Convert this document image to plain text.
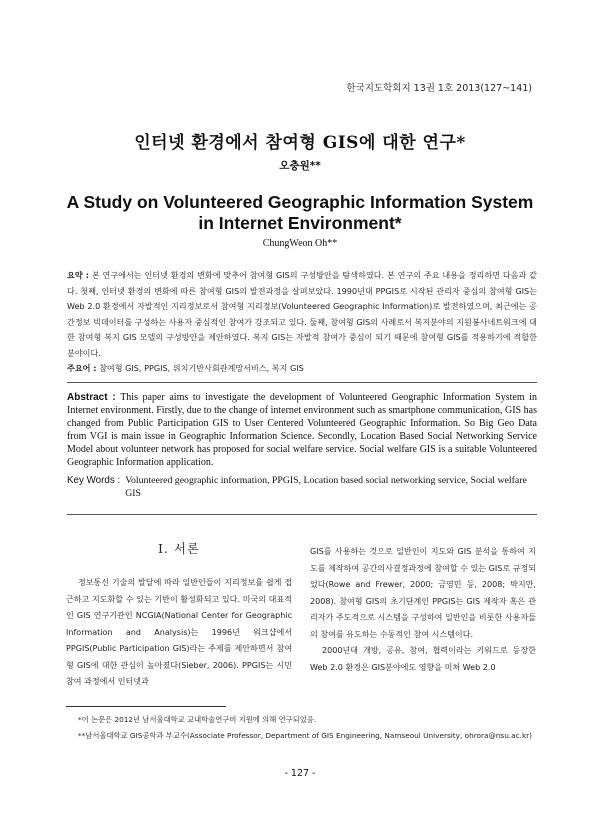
한국지도학회지 13권 1호 2013(127~141)
인터넷 환경에서 참여형 GIS에 대한 연구*
오충원**
A Study on Volunteered Geographic Information System in Internet Environment*
ChungWeon Oh**
요약 : 본 연구에서는 인터넷 환경의 변화에 맞추어 참여형 GIS의 구성방안을 탐색하였다. 본 연구의 주요 내용을 정리하면 다음과 같다. 첫째, 인터넷 환경의 변화에 따른 참여형 GIS의 발전과정을 살펴보았다. 1990년대 PPGIS로 시작된 관리자 중심의 참여형 GIS는 Web 2.0 환경에서 자발적인 지리정보로서 참여형 지리정보(Volunteered Geographic Information)로 발전하였으며, 최근에는 공간정보 빅데이터를 구성하는 사용자 중심적인 참여가 강조되고 있다. 둘째, 참여형 GIS의 사례로서 복지분야의 지원봉사네트워크에 대한 참여형 복지 GIS 모델의 구성방안을 제안하였다. 복지 GIS는 자발적 참여가 중심이 되기 때문에 참여형 GIS를 적용하기에 적합한 분야이다.
주요어 : 참여형 GIS, PPGIS, 위치기반사회관계망서비스, 복지 GIS
Abstract : This paper aims to investigate the development of Volunteered Geographic Information System in Internet environment. Firstly, due to the change of internet environment such as smartphone communication, GIS has changed from Public Participation GIS to User Centered Volunteered Geographic Information. So Big Geo Data from VGI is main issue in Geographic Information Science. Secondly, Location Based Social Networking Service Model about volunteer network has proposed for social welfare service. Social welfare GIS is a suitable Volunteered Geographic Information application.
Key Words : Volunteered geographic information, PPGIS, Location based social networking service, Social welfare GIS

I. 서론

정보통신 기술의 발달에 따라 일반인들이 지리정보를 쉽게 접근하고 지도화할 수 있는 기반이 활성화되고 있다. 미국의 대표적인 GIS 연구기관인 NCGIA(National Center for Geographic Information and Analysis)는 1996년 워크샵에서 PPGIS(Public Participation GIS)라는 주제를 제안하면서 참여형 GIS에 대한 관심이 높아졌다(Sieber, 2006). PPGIS는 시민참여 과정에서 인터넷과

GIS를 사용하는 것으로 일반인이 지도와 GIS 분석을 통하여 지도를 제작하여 공간의사결정과정에 참여할 수 있는 GIS로 규정되었다(Rowe and Frewer, 2000; 금영민 등, 2008; 박지만, 2008). 참여형 GIS의 초기단계인 PPGIS는 GIS 제작자 혹은 관리자가 주도적으로 시스템을 구성하여 일반인을 비롯한 사용자들의 참여를 유도하는 수동적인 참여 시스템이다.

2000년대 개방, 공유, 참여, 협력이라는 키워드로 등장한 Web 2.0 환경은 GIS분야에도 영향을 미쳐 Web 2.0

*이 논문은 2012년 남서울대학교 교내학술연구비 지원에 의해 연구되었음.
**남서울대학교 GIS공학과 부교수(Associate Professor, Department of GIS Engineering, Namseoul University, ohrora@nsu.ac.kr)
- 127 -
